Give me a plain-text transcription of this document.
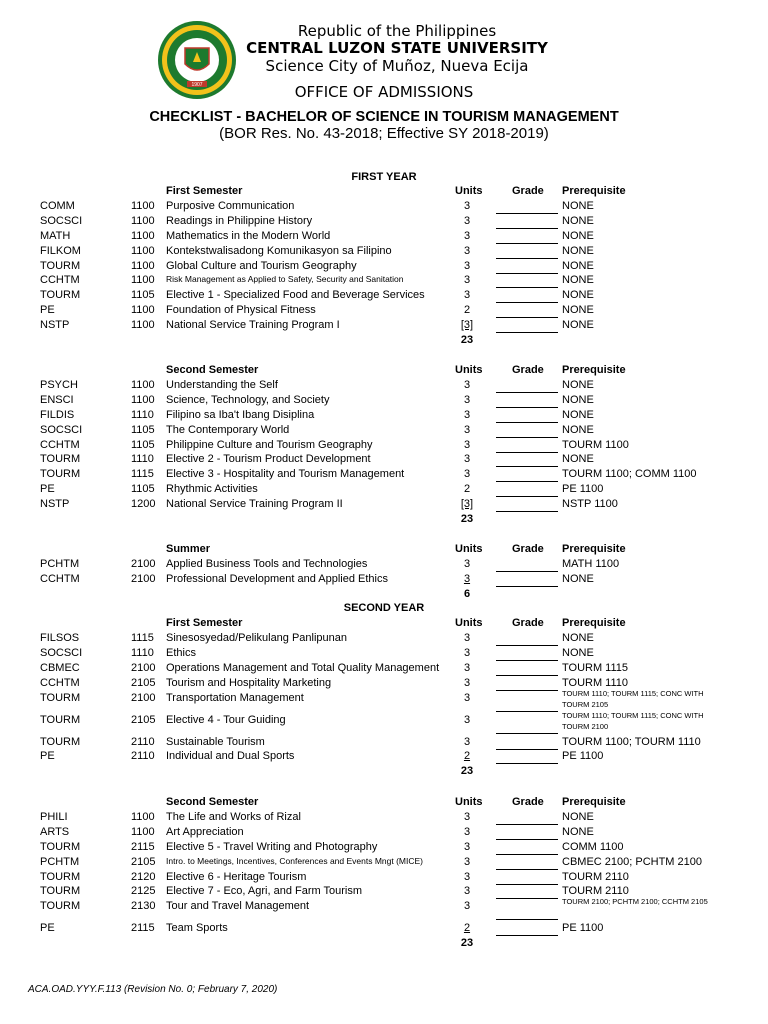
1907
Republic of the Philippines
CENTRAL LUZON STATE UNIVERSITY
Science City of Muñoz, Nueva Ecija
OFFICE OF ADMISSIONS
CHECKLIST - BACHELOR OF SCIENCE IN TOURISM MANAGEMENT
(BOR Res. No. 43-2018; Effective SY 2018-2019)
FIRST YEAR
First Semester	Units	Grade Prerequisite
COMM	1100 Purposive Communication	3	NONE
SOCSCI	1100 Readings in Philippine History	3	NONE
MATH	1100 Mathematics in the Modern World	3	NONE
FILKOM	1100 Kontekstwalisadong Komunikasyon sa Filipino	3	NONE
TOURM	1100 Global Culture and Tourism Geography	3	NONE
CCHTM	1100 Risk Management as Applied to Safety, Security and Sanitation	3	NONE
TOURM	1105 Elective 1 - Specialized Food and Beverage Services	3	NONE
PE	1100 Foundation of Physical Fitness	2	NONE
NSTP	1100 National Service Training Program I	[3]	NONE
23
Second Semester	Units	Grade Prerequisite
PSYCH	1100 Understanding the Self	3	NONE
ENSCI	1100 Science, Technology, and Society	3	NONE
FILDIS	1110 Filipino sa Iba't Ibang Disiplina	3	NONE
SOCSCI	1105 The Contemporary World	3	NONE
CCHTM	1105 Philippine Culture and Tourism Geography	3	TOURM 1100
TOURM	1110 Elective 2 - Tourism Product Development	3	NONE
TOURM	1115 Elective 3 - Hospitality and Tourism Management	3	TOURM 1100; COMM 1100
PE	1105 Rhythmic Activities	2	PE 1100
NSTP	1200 National Service Training Program II	[3]	NSTP 1100
23
Summer	Units	Grade Prerequisite
PCHTM	2100 Applied Business Tools and Technologies	3	MATH 1100
CCHTM	2100 Professional Development and Applied Ethics	3	NONE
6
SECOND YEAR
First Semester	Units	Grade Prerequisite
FILSOS	1115 Sinesosyedad/Pelikulang Panlipunan	3	NONE
SOCSCI	1110 Ethics	3	NONE
CBMEC	2100 Operations Management and Total Quality Management	3	TOURM 1115
CCHTM	2105 Tourism and Hospitality Marketing	3	TOURM 1110
TOURM	2100 Transportation Management	3	TOURM 1110; TOURM 1115; CONC WITH TOURM 2105
TOURM	2105 Elective 4 - Tour Guiding	3	TOURM 1110; TOURM 1115; CONC WITH TOURM 2100
TOURM	2110 Sustainable Tourism	3	TOURM 1100; TOURM 1110
PE	2110 Individual and Dual Sports	2	PE 1100
23
Second Semester	Units	Grade Prerequisite
PHILI	1100 The Life and Works of Rizal	3	NONE
ARTS	1100 Art Appreciation	3	NONE
TOURM	2115 Elective 5 - Travel Writing and Photography	3	COMM 1100
PCHTM	2105 Intro. to Meetings, Incentives, Conferences and Events Mngt (MICE)	3	CBMEC 2100; PCHTM 2100
TOURM	2120 Elective 6 - Heritage Tourism	3	TOURM 2110
TOURM	2125 Elective 7 - Eco, Agri, and Farm Tourism	3	TOURM 2110
TOURM	2130 Tour and Travel Management	3	TOURM 2100; PCHTM 2100; CCHTM 2105
PE	2115 Team Sports	2	PE 1100
23
ACA.OAD.YYY.F.113 (Revision No. 0; February 7, 2020)
